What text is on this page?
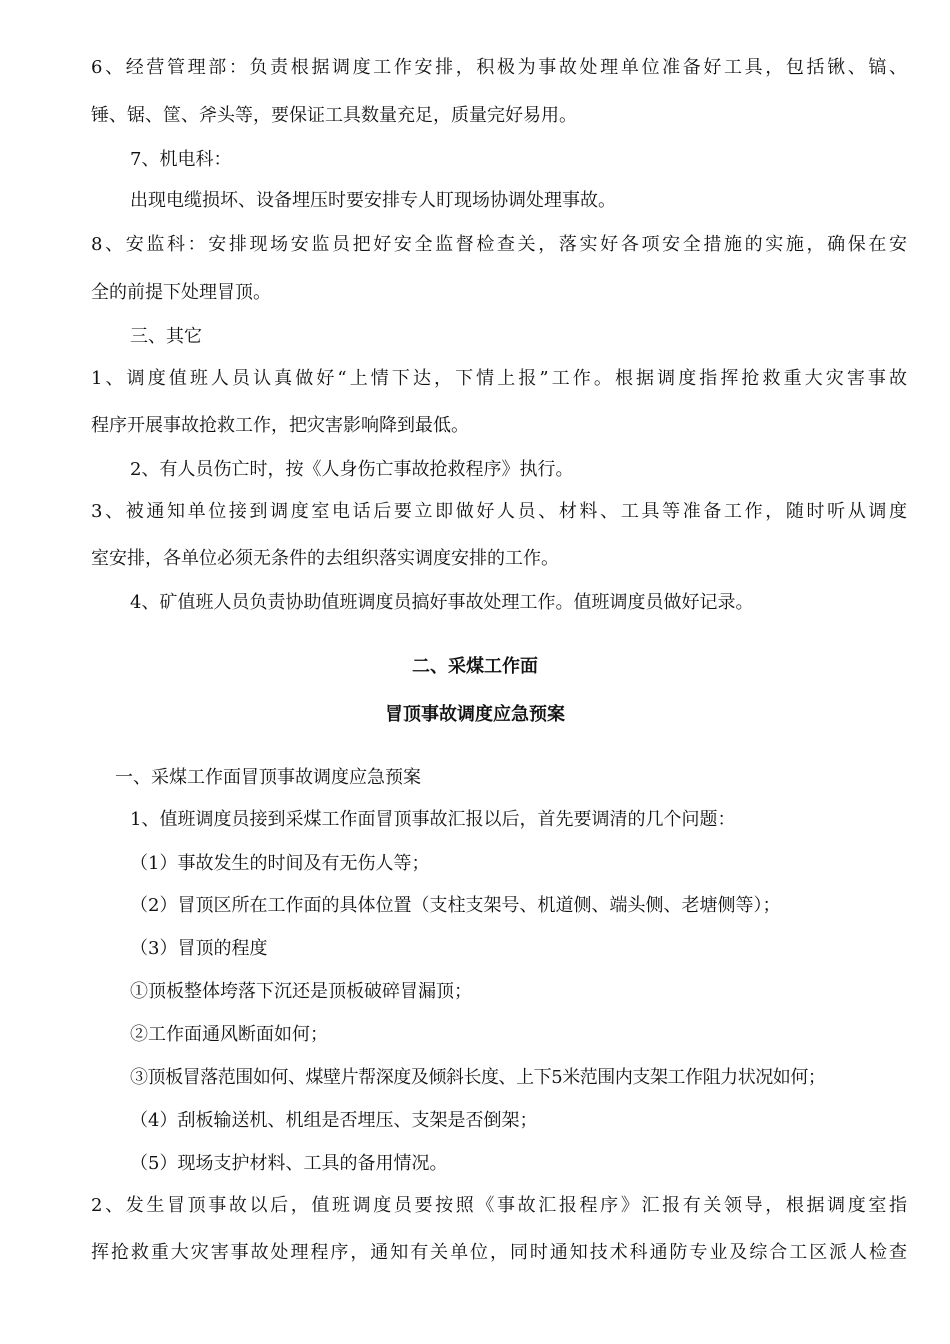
6、经营管理部：负责根据调度工作安排，积极为事故处理单位准备好工具，包括锹、镐、
锤、锯、筐、斧头等，要保证工具数量充足，质量完好易用。
7、机电科：
出现电缆损坏、设备埋压时要安排专人盯现场协调处理事故。
8、安监科：安排现场安监员把好安全监督检查关，落实好各项安全措施的实施，确保在安
全的前提下处理冒顶。
三、其它
1、调度值班人员认真做好“上情下达，下情上报”工作。根据调度指挥抢救重大灾害事故
程序开展事故抢救工作，把灾害影响降到最低。
2、有人员伤亡时，按《人身伤亡事故抢救程序》执行。
3、被通知单位接到调度室电话后要立即做好人员、材料、工具等准备工作，随时听从调度
室安排，各单位必须无条件的去组织落实调度安排的工作。
4、矿值班人员负责协助值班调度员搞好事故处理工作。值班调度员做好记录。
二、采煤工作面
冒顶事故调度应急预案
一、采煤工作面冒顶事故调度应急预案
1、值班调度员接到采煤工作面冒顶事故汇报以后，首先要调清的几个问题：
（1）事故发生的时间及有无伤人等；
（2）冒顶区所在工作面的具体位置（支柱支架号、机道侧、端头侧、老塘侧等）；
（3）冒顶的程度
①顶板整体垮落下沉还是顶板破碎冒漏顶；
②工作面通风断面如何；
③顶板冒落范围如何、煤壁片帮深度及倾斜长度、上下5米范围内支架工作阻力状况如何；
（4）刮板输送机、机组是否埋压、支架是否倒架；
（5）现场支护材料、工具的备用情况。
2、发生冒顶事故以后，值班调度员要按照《事故汇报程序》汇报有关领导，根据调度室指
挥抢救重大灾害事故处理程序，通知有关单位，同时通知技术科通防专业及综合工区派人检查
